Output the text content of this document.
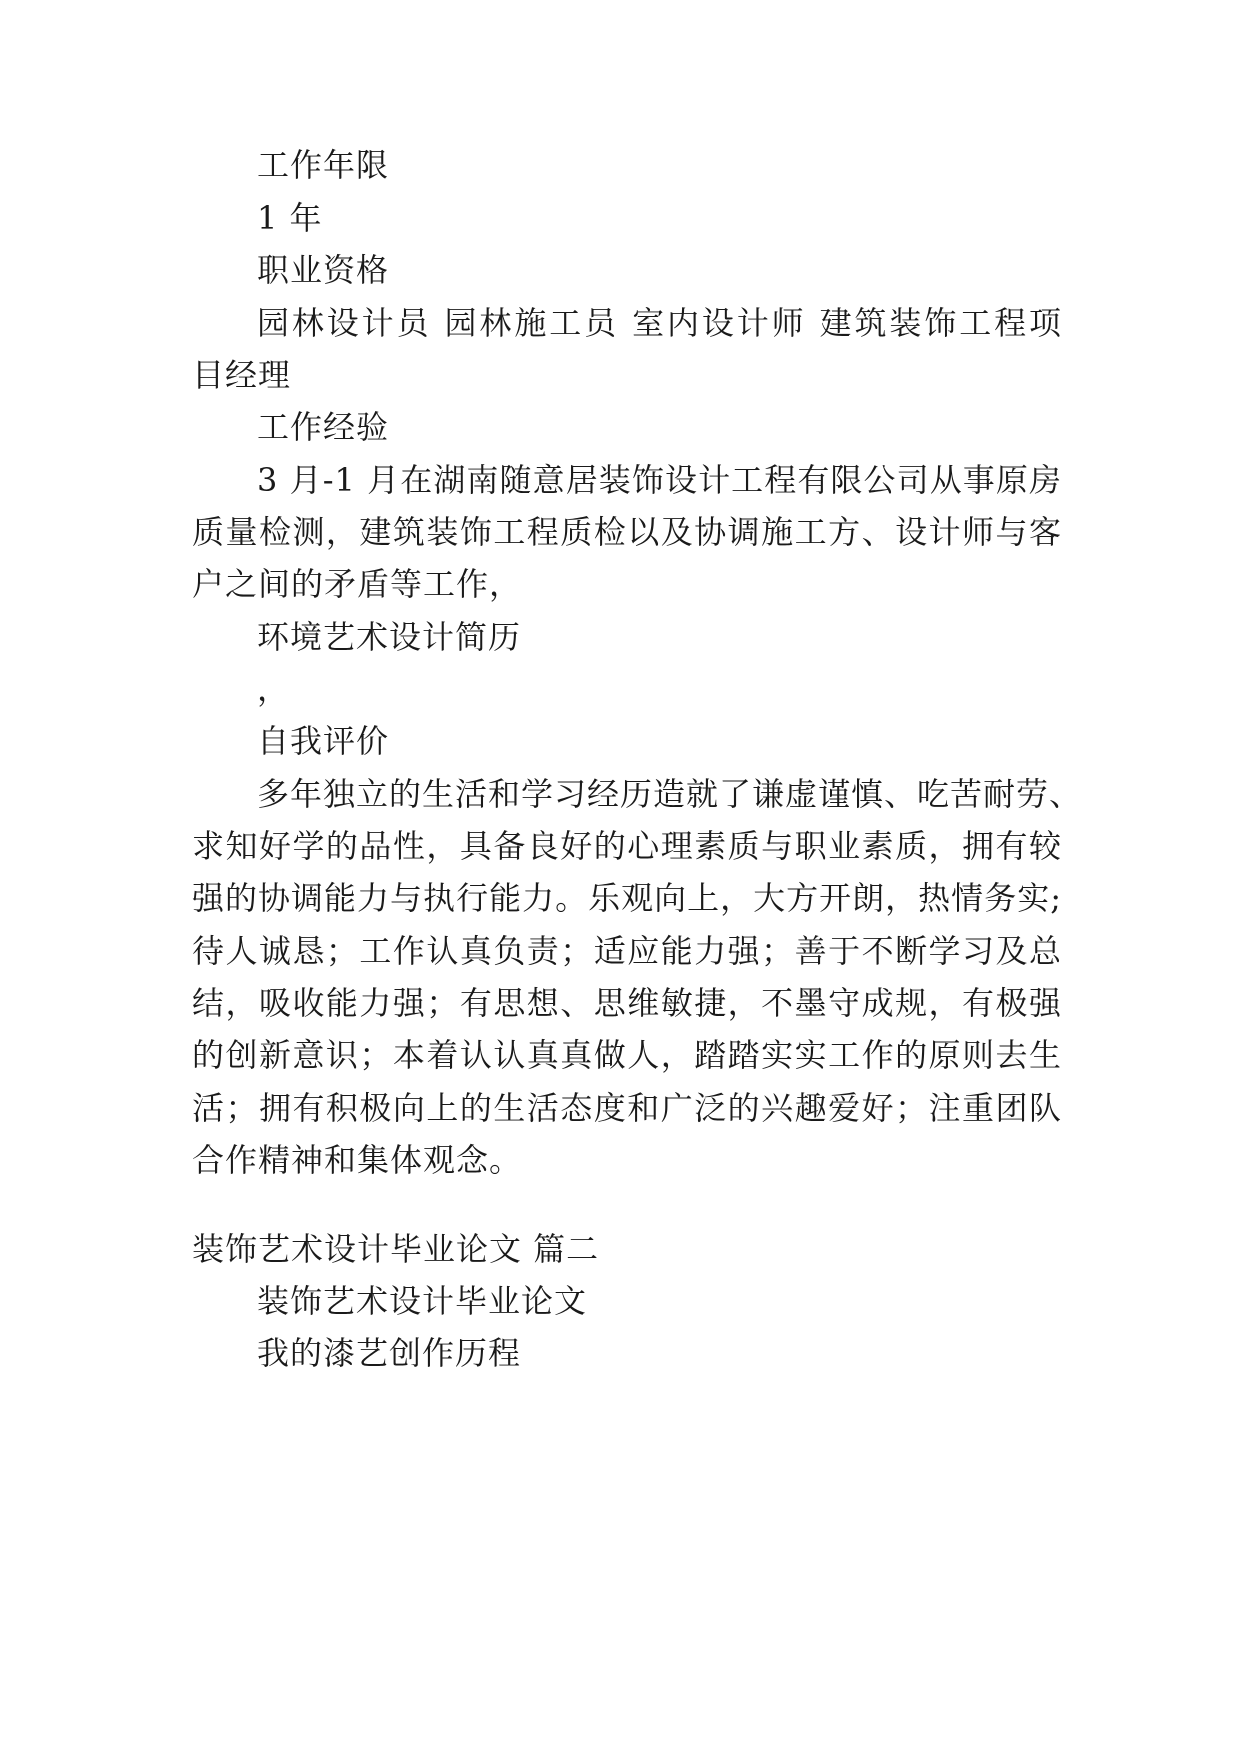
工作年限
1 年
职业资格
园林设计员 园林施工员 室内设计师 建筑装饰工程项
目经理
工作经验
3 月-1 月在湖南随意居装饰设计工程有限公司从事原房
质量检测，建筑装饰工程质检以及协调施工方、设计师与客
户之间的矛盾等工作，
环境艺术设计简历
，
自我评价
多年独立的生活和学习经历造就了谦虚谨慎、吃苦耐劳、
求知好学的品性，具备良好的心理素质与职业素质，拥有较
强的协调能力与执行能力。乐观向上，大方开朗，热情务实;
待人诚恳；工作认真负责；适应能力强；善于不断学习及总
结，吸收能力强；有思想、思维敏捷，不墨守成规，有极强
的创新意识；本着认认真真做人，踏踏实实工作的原则去生
活；拥有积极向上的生活态度和广泛的兴趣爱好；注重团队
合作精神和集体观念。
装饰艺术设计毕业论文 篇二
装饰艺术设计毕业论文
我的漆艺创作历程
